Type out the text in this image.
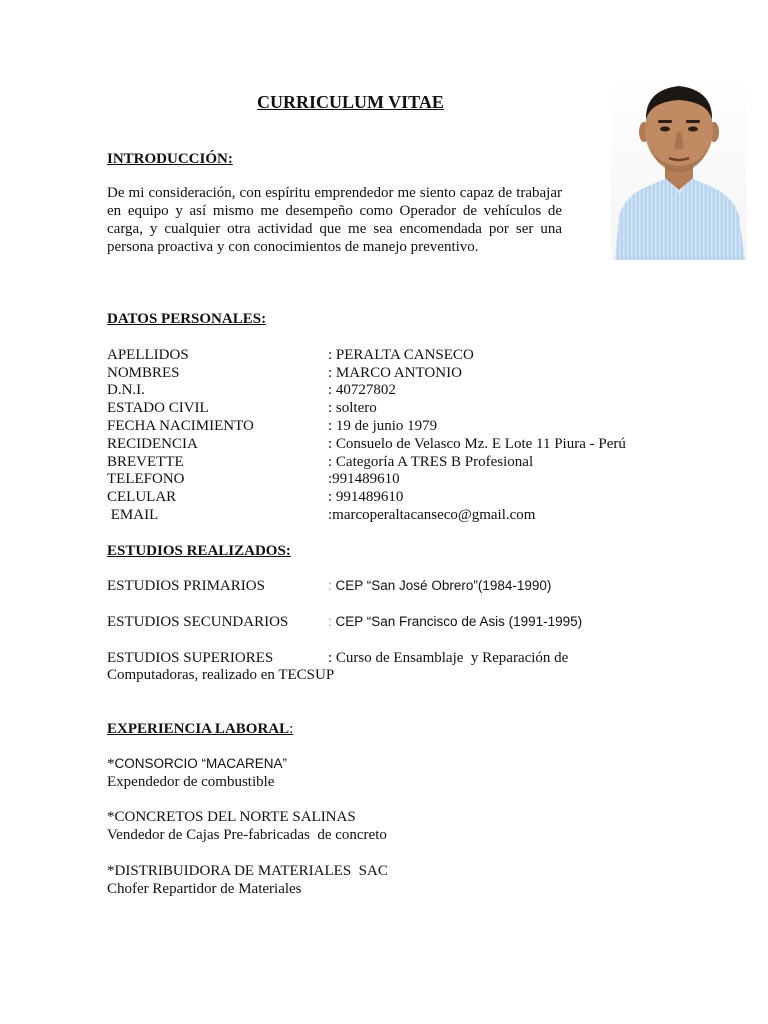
CURRICULUM VITAE
INTRODUCCIÓN:

De mi consideración, con espíritu emprendedor me siento capaz de trabajar en equipo y así mismo me desempeño como Operador de vehículos de carga, y cualquier otra actividad que me sea encomendada por ser una persona proactiva y con conocimientos de manejo preventivo.

DATOS PERSONALES:
APELLIDOS	: PERALTA CANSECO
NOMBRES	: MARCO ANTONIO
D.N.I.	: 40727802
ESTADO CIVIL	: soltero
FECHA NACIMIENTO	: 19 de junio 1979
RECIDENCIA	: Consuelo de Velasco Mz. E Lote 11 Piura - Perú
BREVETTE	: Categoría A TRES B Profesional
TELEFONO	:991489610
CELULAR	: 991489610
EMAIL	:marcoperaltacanseco@gmail.com
ESTUDIOS REALIZADOS:
ESTUDIOS PRIMARIOS	: CEP “San José Obrero”(1984-1990)
ESTUDIOS SECUNDARIOS	: CEP “San Francisco de Asis (1991-1995)
ESTUDIOS SUPERIORES	: Curso de Ensamblaje  y Reparación de

Computadoras, realizado en TECSUP

EXPERIENCIA LABORAL:

*CONSORCIO “MACARENA”

Expendedor de combustible

*CONCRETOS DEL NORTE SALINAS

Vendedor de Cajas Pre-fabricadas  de concreto

*DISTRIBUIDORA DE MATERIALES  SAC

Chofer Repartidor de Materiales
